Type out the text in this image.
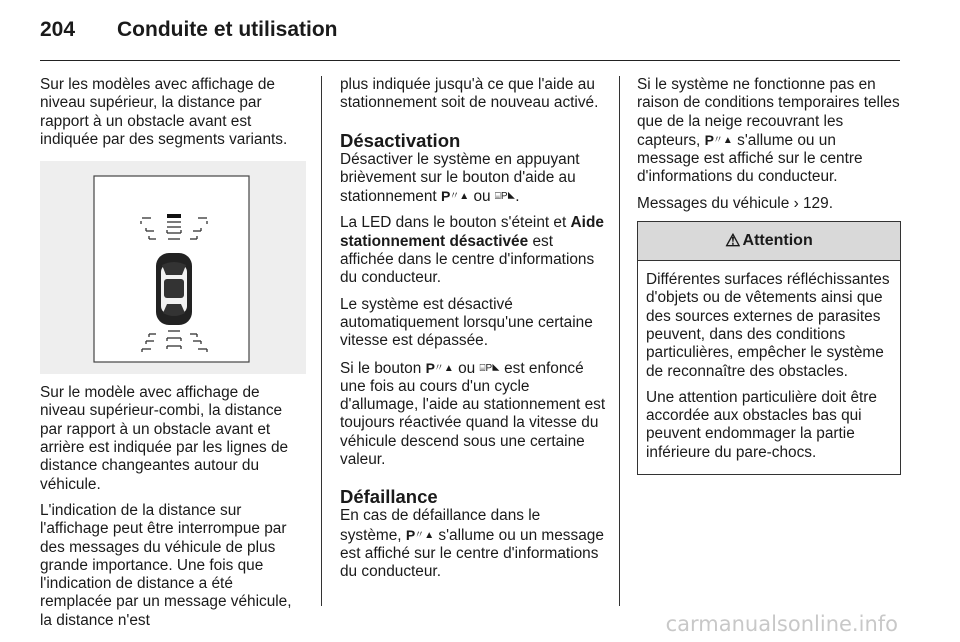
204 Conduite et utilisation

Sur les modèles avec affichage de niveau supérieur, la distance par rapport à un obstacle avant est indiquée par des segments variants.

Sur le modèle avec affichage de niveau supérieur-combi, la distance par rapport à un obstacle avant et arrière est indiquée par les lignes de distance changeantes autour du véhicule.

L'indication de la distance sur l'affichage peut être interrompue par des messages du véhicule de plus grande importance. Une fois que l'indication de distance a été remplacée par un message véhicule, la distance n'est

plus indiquée jusqu'à ce que l'aide au stationnement soit de nouveau activé.

Désactivation

Désactiver le système en appuyant brièvement sur le bouton d'aide au stationnement P〃▲ ou ⌸P◣.

La LED dans le bouton s'éteint et Aide stationnement désactivée est affichée dans le centre d'informations du conducteur.

Le système est désactivé automatiquement lorsqu'une certaine vitesse est dépassée.

Si le bouton P〃▲ ou ⌸P◣ est enfoncé une fois au cours d'un cycle d'allumage, l'aide au stationnement est toujours réactivée quand la vitesse du véhicule descend sous une certaine valeur.

Défaillance

En cas de défaillance dans le système, P〃▲ s'allume ou un message est affiché sur le centre d'informations du conducteur.

Si le système ne fonctionne pas en raison de conditions temporaires telles que de la neige recouvrant les capteurs, P〃▲ s'allume ou un message est affiché sur le centre d'informations du conducteur.

Messages du véhicule › 129.

⚠ Attention

Différentes surfaces réfléchissantes d'objets ou de vêtements ainsi que des sources externes de parasites peuvent, dans des conditions particulières, empêcher le système de reconnaître des obstacles.

Une attention particulière doit être accordée aux obstacles bas qui peuvent endommager la partie inférieure du pare-chocs.

carmanualsonline.info
